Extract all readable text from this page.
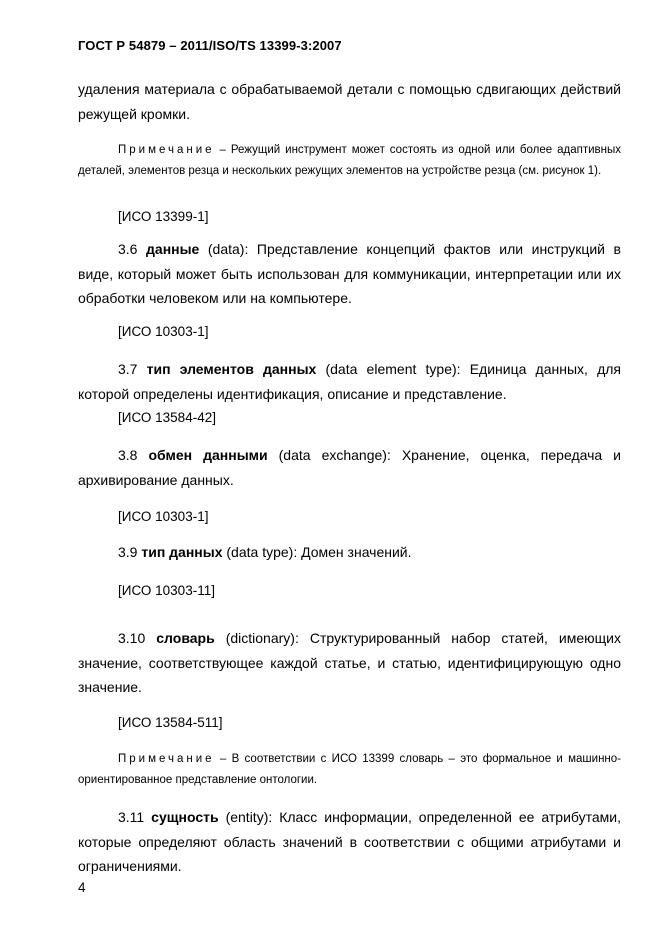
ГОСТ Р 54879 – 2011/ISO/TS 13399-3:2007
удаления материала с обрабатываемой детали с помощью сдвигающих действий режущей кромки.
Примечание – Режущий инструмент может состоять из одной или более адаптивных деталей, элементов резца и нескольких режущих элементов на устройстве резца (см. рисунок 1).
[ИСО 13399-1]
3.6 данные (data): Представление концепций фактов или инструкций в виде, который может быть использован для коммуникации, интерпретации или их обработки человеком или на компьютере.
[ИСО 10303-1]
3.7 тип элементов данных (data element type): Единица данных, для которой определены идентификация, описание и представление.
[ИСО 13584-42]
3.8 обмен данными (data exchange): Хранение, оценка, передача и архивирование данных.
[ИСО 10303-1]
3.9 тип данных (data type): Домен значений.
[ИСО 10303-11]
3.10 словарь (dictionary): Структурированный набор статей, имеющих значение, соответствующее каждой статье, и статью, идентифицирующую одно значение.
[ИСО 13584-511]
Примечание – В соответствии с ИСО 13399 словарь – это формальное и машинно-ориентированное представление онтологии.
3.11 сущность (entity): Класс информации, определенной ее атрибутами, которые определяют область значений в соответствии с общими атрибутами и ограничениями.
4
